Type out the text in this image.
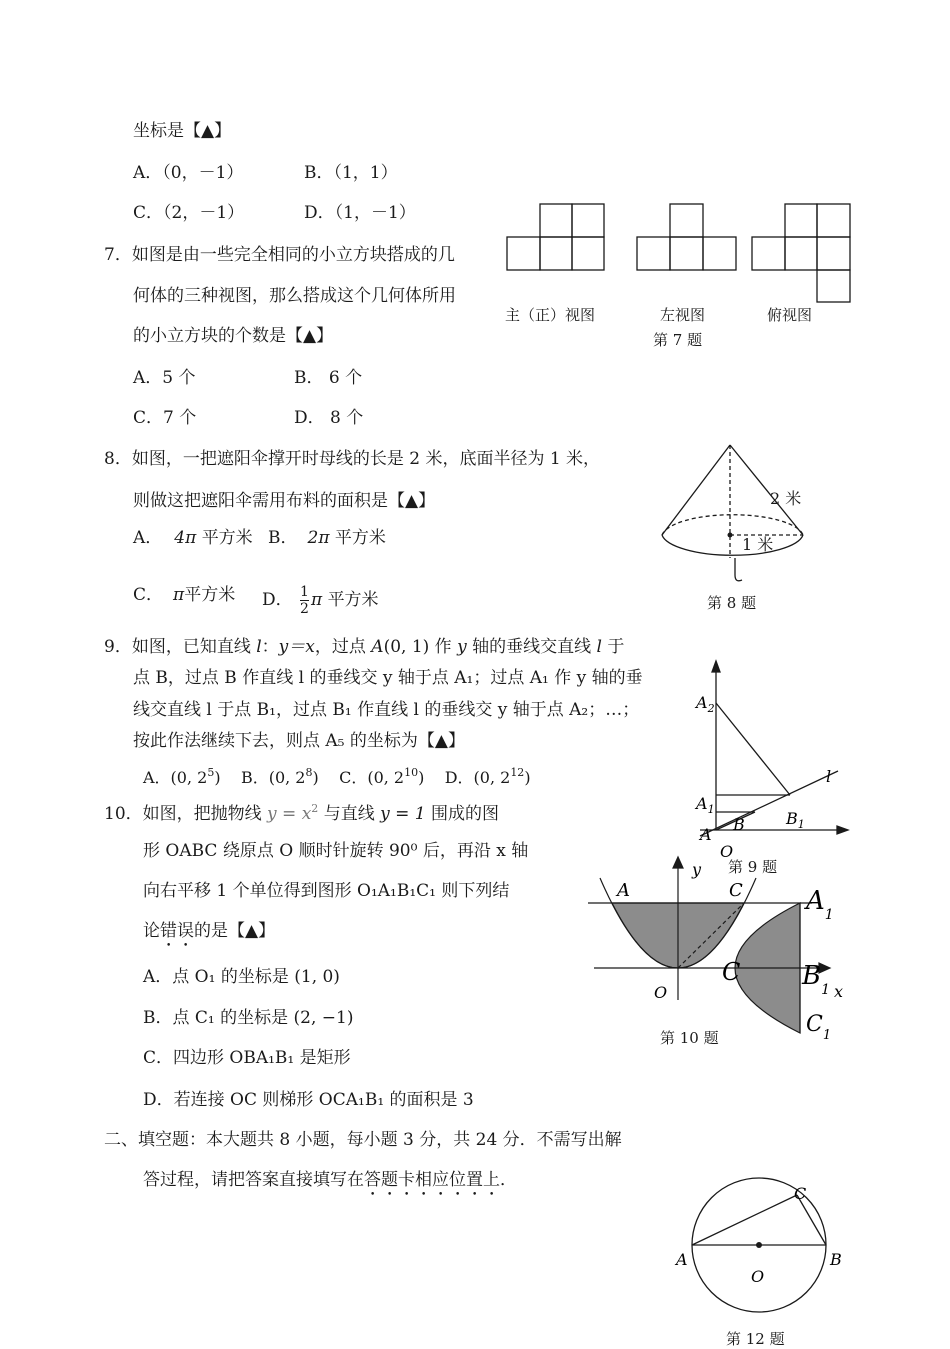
坐标是【▲】
A．（0，－1）	B．（1，1）
C．（2，－1）	D．（1，－1）
7．如图是由一些完全相同的小立方块搭成的几
何体的三种视图，那么搭成这个几何体所用
的小立方块的个数是【▲】
A．5 个	B． 6 个
C．7 个	D． 8 个
主（正）视图	左视图	俯视图
第 7 题
8．如图，一把遮阳伞撑开时母线的长是 2 米，底面半径为 1 米，
则做这把遮阳伞需用布料的面积是【▲】
A． 4π 平方米 B． 2π 平方米
C． π平方米 D． $\frac{1}{2}$ π 平方米
2 米
1 米
第 8 题
9．如图，已知直线 l：y＝x，过点 A(0, 1) 作 y 轴的垂线交直线 l 于
点 B，过点 B 作直线 l 的垂线交 y 轴于点 A₁；过点 A₁ 作 y 轴的垂
线交直线 l 于点 B₁，过点 B₁ 作直线 l 的垂线交 y 轴于点 A₂；…；
按此作法继续下去，则点 A₅ 的坐标为【▲】
A．(0, $2^5$)    B．(0, $2^8$)    C．(0, $2^{10}$)    D．(0, $2^{12}$)
$A_2$
$A_1$
A
B	$B_1$
O
l
第 9 题
10．如图，把抛物线 $y = x^2$ 与直线 y = 1 围成的图
形 OABC 绕原点 O 顺时针旋转 90⁰ 后，再沿 x 轴
向右平移 1 个单位得到图形 O₁A₁B₁C₁ 则下列结
论错误的是【▲】
A．点 O₁ 的坐标是 (1, 0)
B．点 C₁ 的坐标是 (2, −1)
C．四边形 OBA₁B₁ 是矩形
D．若连接 OC 则梯形 OCA₁B₁ 的面积是 3
y
x
A	C
O
$A_1$
C $B_1$
$C_1$
第 10 题
二、填空题：本大题共 8 小题，每小题 3 分，共 24 分．不需写出解
答过程，请把答案直接填写在答题卡相应位置上．
A	B
C
O
第 12 题
